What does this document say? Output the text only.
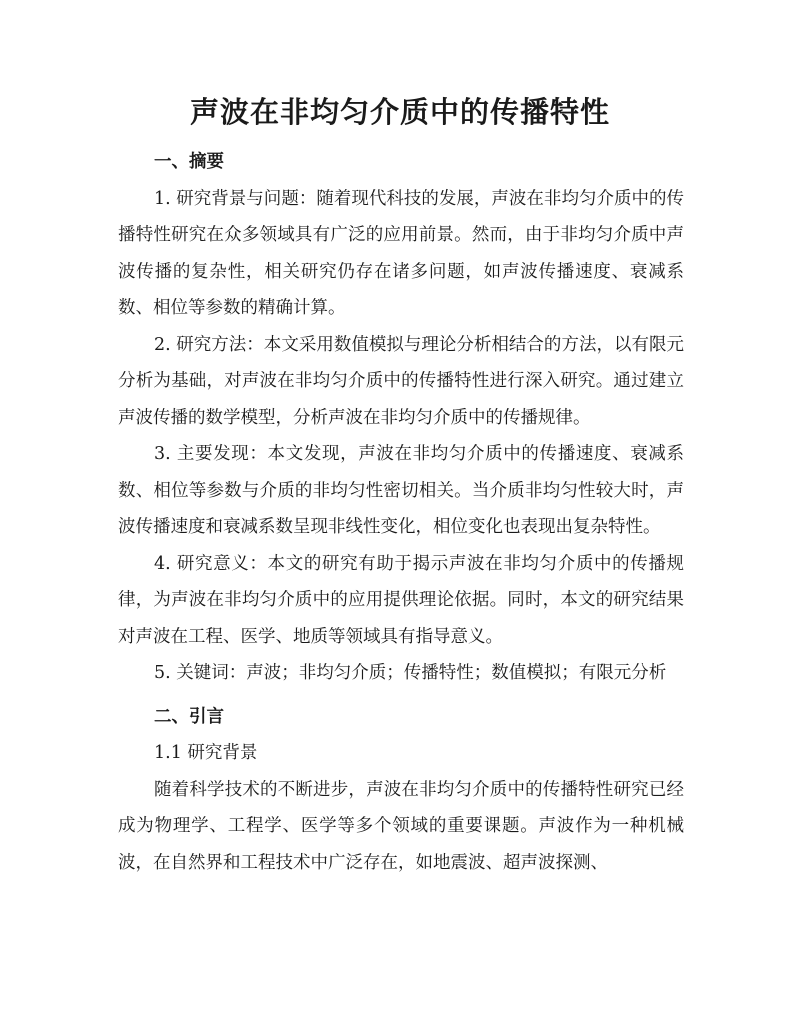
声波在非均匀介质中的传播特性

一、摘要

1. 研究背景与问题：随着现代科技的发展，声波在非均匀介质中的传播特性研究在众多领域具有广泛的应用前景。然而，由于非均匀介质中声波传播的复杂性，相关研究仍存在诸多问题，如声波传播速度、衰减系数、相位等参数的精确计算。

2. 研究方法：本文采用数值模拟与理论分析相结合的方法，以有限元分析为基础，对声波在非均匀介质中的传播特性进行深入研究。通过建立声波传播的数学模型，分析声波在非均匀介质中的传播规律。

3. 主要发现：本文发现，声波在非均匀介质中的传播速度、衰减系数、相位等参数与介质的非均匀性密切相关。当介质非均匀性较大时，声波传播速度和衰减系数呈现非线性变化，相位变化也表现出复杂特性。

4. 研究意义：本文的研究有助于揭示声波在非均匀介质中的传播规律，为声波在非均匀介质中的应用提供理论依据。同时，本文的研究结果对声波在工程、医学、地质等领域具有指导意义。

5. 关键词：声波；非均匀介质；传播特性；数值模拟；有限元分析

二、引言

1.1 研究背景

随着科学技术的不断进步，声波在非均匀介质中的传播特性研究已经成为物理学、工程学、医学等多个领域的重要课题。声波作为一种机械波，在自然界和工程技术中广泛存在，如地震波、超声波探测、
